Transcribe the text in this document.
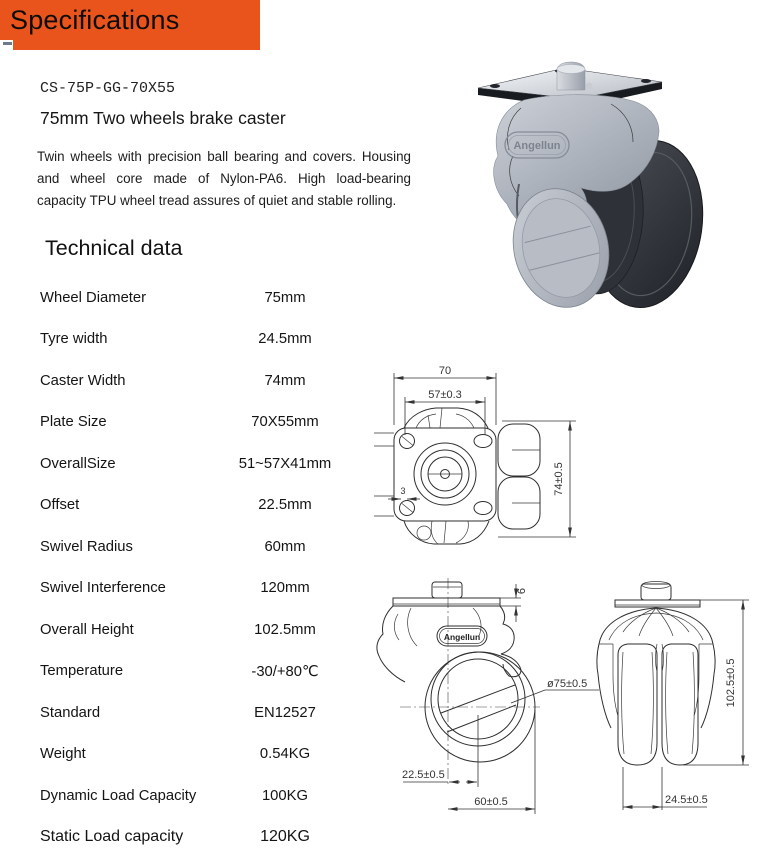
Specifications
CS-75P-GG-70X55
75mm Two wheels brake caster
Twin wheels with precision ball bearing and covers. Housing and wheel core made of Nylon-PA6. High load-bearing capacity TPU wheel tread assures of quiet and stable rolling.
Technical data
Wheel Diameter	75mm
Tyre width	24.5mm
Caster Width	74mm
Plate Size	70X55mm
OverallSize	51~57X41mm
Offset	22.5mm
Swivel Radius	60mm
Swivel Interference	120mm
Overall Height	102.5mm
Temperature	-30/+80℃
Standard	EN12527
Weight	0.54KG
Dynamic Load Capacity	100KG
Static Load capacity	120KG
Angellun
70
57±0.3
3	74±0.5
Angellun
ø75±0.5
6
22.5±0.5
60±0.5
102.5±0.5
24.5±0.5
